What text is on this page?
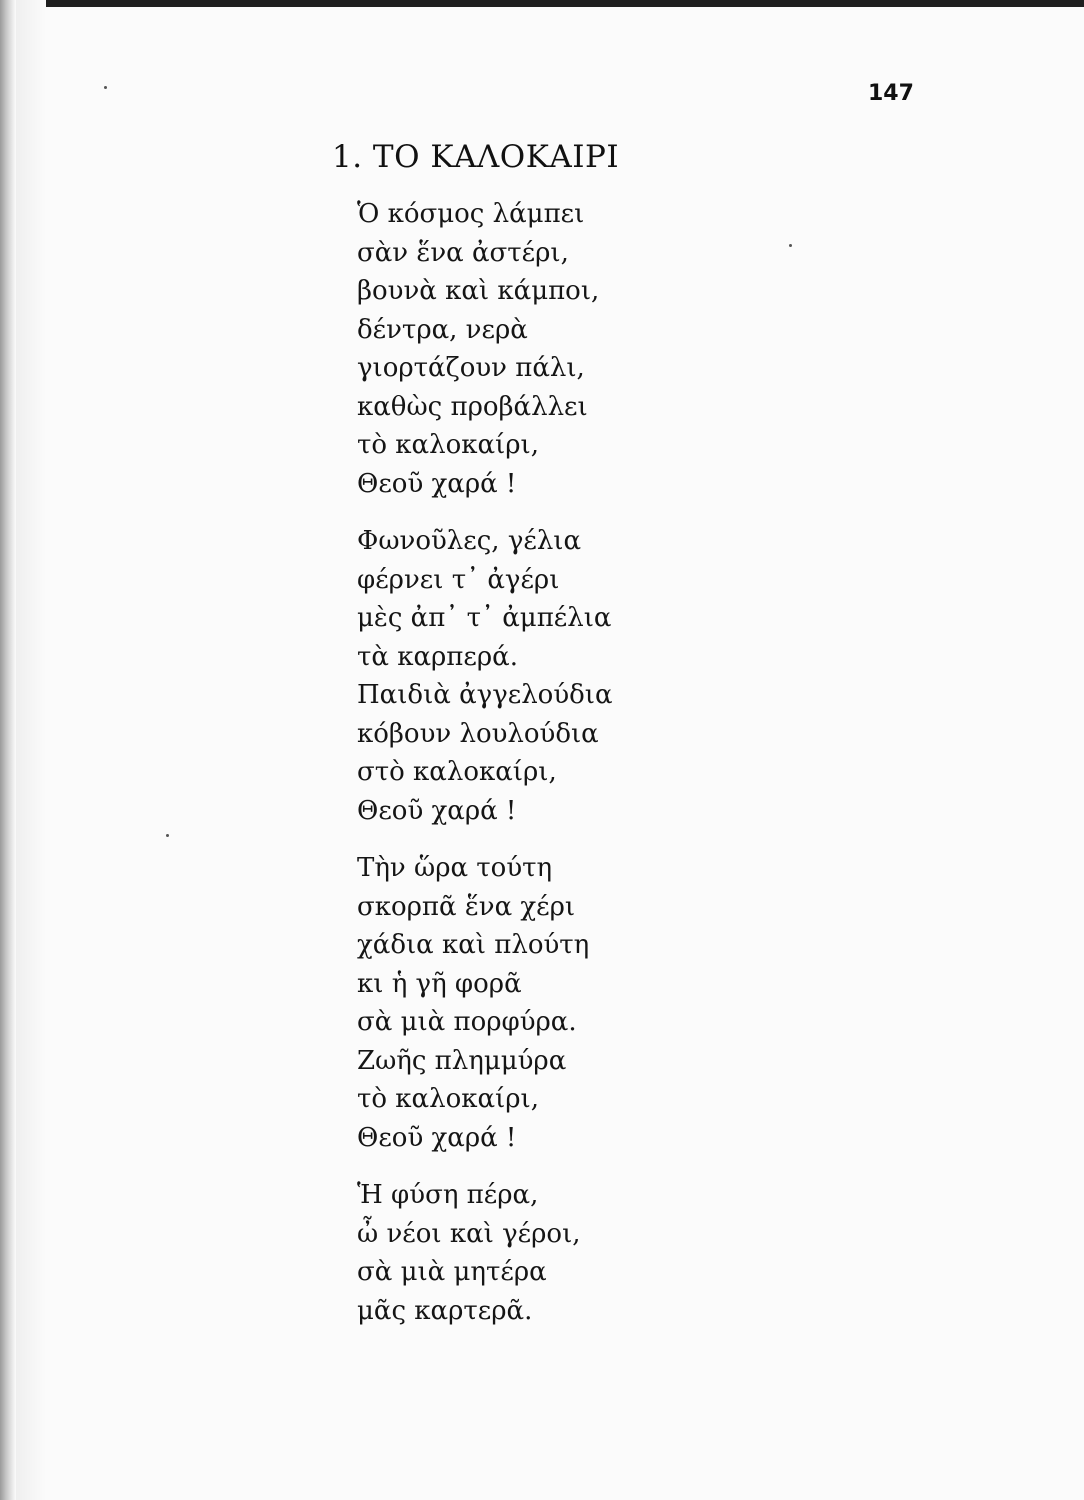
147
1. ΤΟ ΚΑΛΟΚΑΙΡΙ
Ὁ κόσμος λάμπει
σὰν ἕνα ἀστέρι,
βουνὰ καὶ κάμποι,
δέντρα, νερὰ
γιορτάζουν πάλι,
καθὼς προβάλλει
τὸ καλοκαίρι,
Θεοῦ χαρά !
Φωνοῦλες, γέλια
φέρνει τ᾽ ἀγέρι
μὲς ἀπ᾽ τ᾽ ἀμπέλια
τὰ καρπερά.
Παιδιὰ ἀγγελούδια
κόβουν λουλούδια
στὸ καλοκαίρι,
Θεοῦ χαρά !
Τὴν ὥρα τούτη
σκορπᾶ ἕνα χέρι
χάδια καὶ πλούτη
κι ἡ γῆ φορᾶ
σὰ μιὰ πορφύρα.
Ζωῆς πλημμύρα
τὸ καλοκαίρι,
Θεοῦ χαρά !
Ἡ φύση πέρα,
ὦ νέοι καὶ γέροι,
σὰ μιὰ μητέρα
μᾶς καρτερᾶ.
